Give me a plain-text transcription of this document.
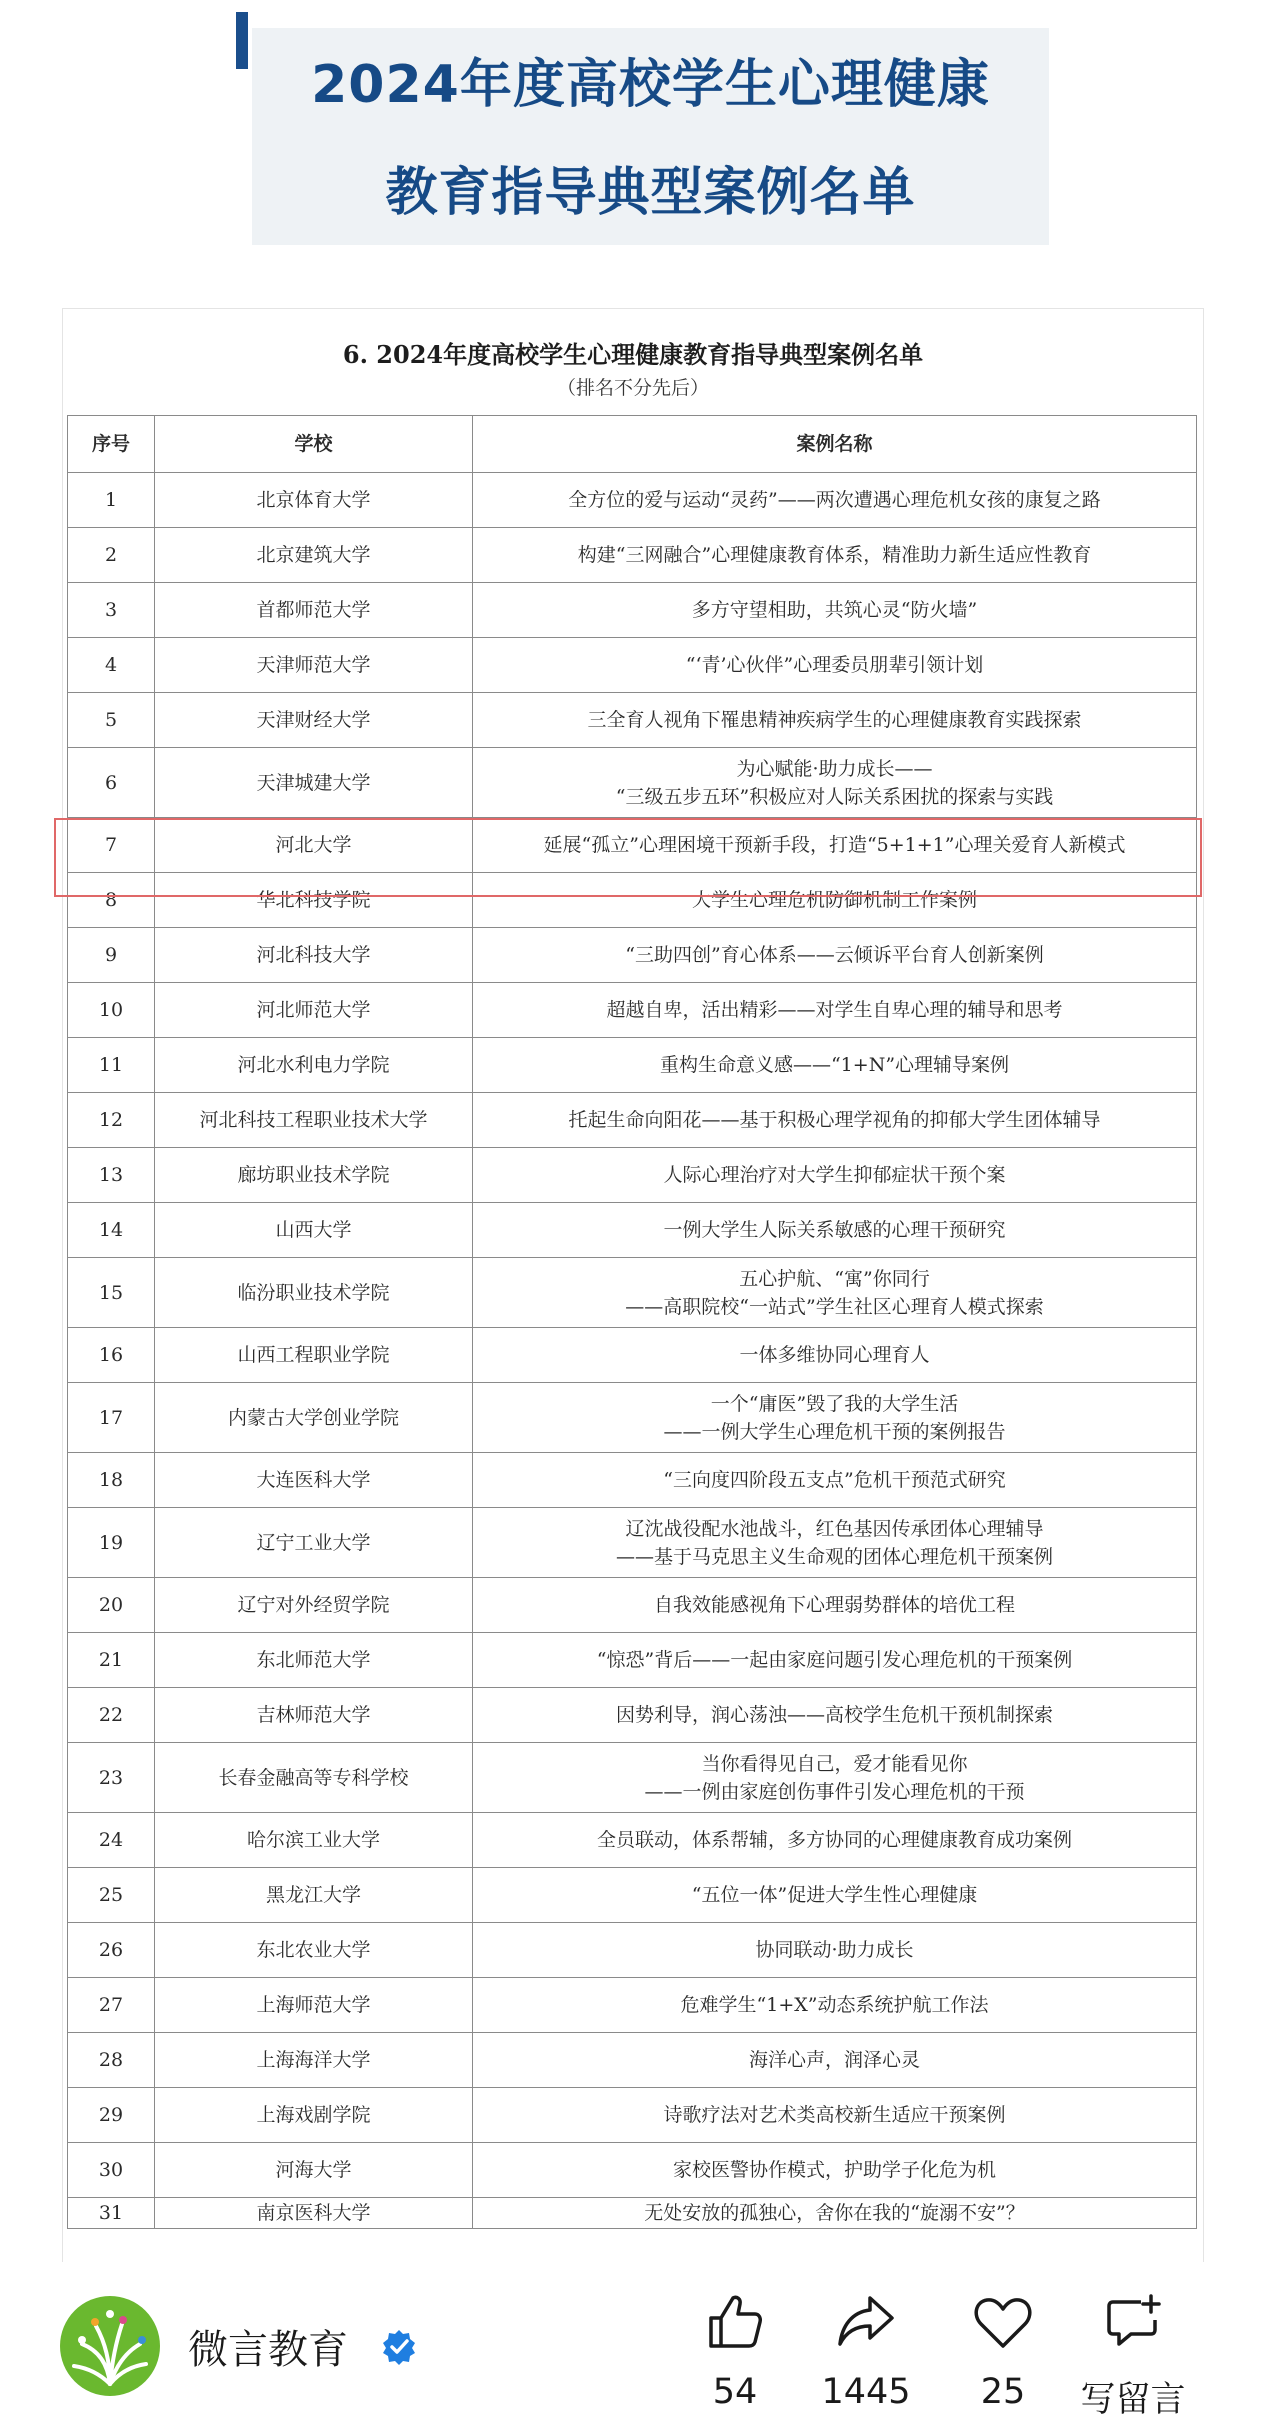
2024年度高校学生心理健康
教育指导典型案例名单
6. 2024年度高校学生心理健康教育指导典型案例名单
（排名不分先后）
序号	学校	案例名称
1	北京体育大学	全方位的爱与运动“灵药”——两次遭遇心理危机女孩的康复之路

2	北京建筑大学	构建“三网融合”心理健康教育体系，精准助力新生适应性教育

3	首都师范大学	多方守望相助，共筑心灵“防火墙”

4	天津师范大学	“‘青’心伙伴”心理委员朋辈引领计划

5	天津财经大学	三全育人视角下罹患精神疾病学生的心理健康教育实践探索

6	天津城建大学	为心赋能·助力成长——
“三级五步五环”积极应对人际关系困扰的探索与实践

7	河北大学	延展“孤立”心理困境干预新手段，打造“5+1+1”心理关爱育人新模式

8	华北科技学院	大学生心理危机防御机制工作案例

9	河北科技大学	“三助四创”育心体系——云倾诉平台育人创新案例

10	河北师范大学	超越自卑，活出精彩——对学生自卑心理的辅导和思考

11	河北水利电力学院	重构生命意义感——“1+N”心理辅导案例

12	河北科技工程职业技术大学	托起生命向阳花——基于积极心理学视角的抑郁大学生团体辅导

13	廊坊职业技术学院	人际心理治疗对大学生抑郁症状干预个案

14	山西大学	一例大学生人际关系敏感的心理干预研究

15	临汾职业技术学院	五心护航、“寓”你同行
——高职院校“一站式”学生社区心理育人模式探索

16	山西工程职业学院	一体多维协同心理育人

17	内蒙古大学创业学院	一个“庸医”毁了我的大学生活
——一例大学生心理危机干预的案例报告

18	大连医科大学	“三向度四阶段五支点”危机干预范式研究

19	辽宁工业大学	辽沈战役配水池战斗，红色基因传承团体心理辅导
——基于马克思主义生命观的团体心理危机干预案例

20	辽宁对外经贸学院	自我效能感视角下心理弱势群体的培优工程

21	东北师范大学	“惊恐”背后——一起由家庭问题引发心理危机的干预案例

22	吉林师范大学	因势利导，润心荡浊——高校学生危机干预机制探索

23	长春金融高等专科学校	当你看得见自己，爱才能看见你
——一例由家庭创伤事件引发心理危机的干预

24	哈尔滨工业大学	全员联动，体系帮辅，多方协同的心理健康教育成功案例

25	黑龙江大学	“五位一体”促进大学生性心理健康

26	东北农业大学	协同联动·助力成长

27	上海师范大学	危难学生“1+X”动态系统护航工作法

28	上海海洋大学	海洋心声，润泽心灵

29	上海戏剧学院	诗歌疗法对艺术类高校新生适应干预案例

30	河海大学	家校医警协作模式，护助学子化危为机

31	南京医科大学	无处安放的孤独心，舍你在我的“旋溺不安”？
微言教育
54	1445	25	写留言
